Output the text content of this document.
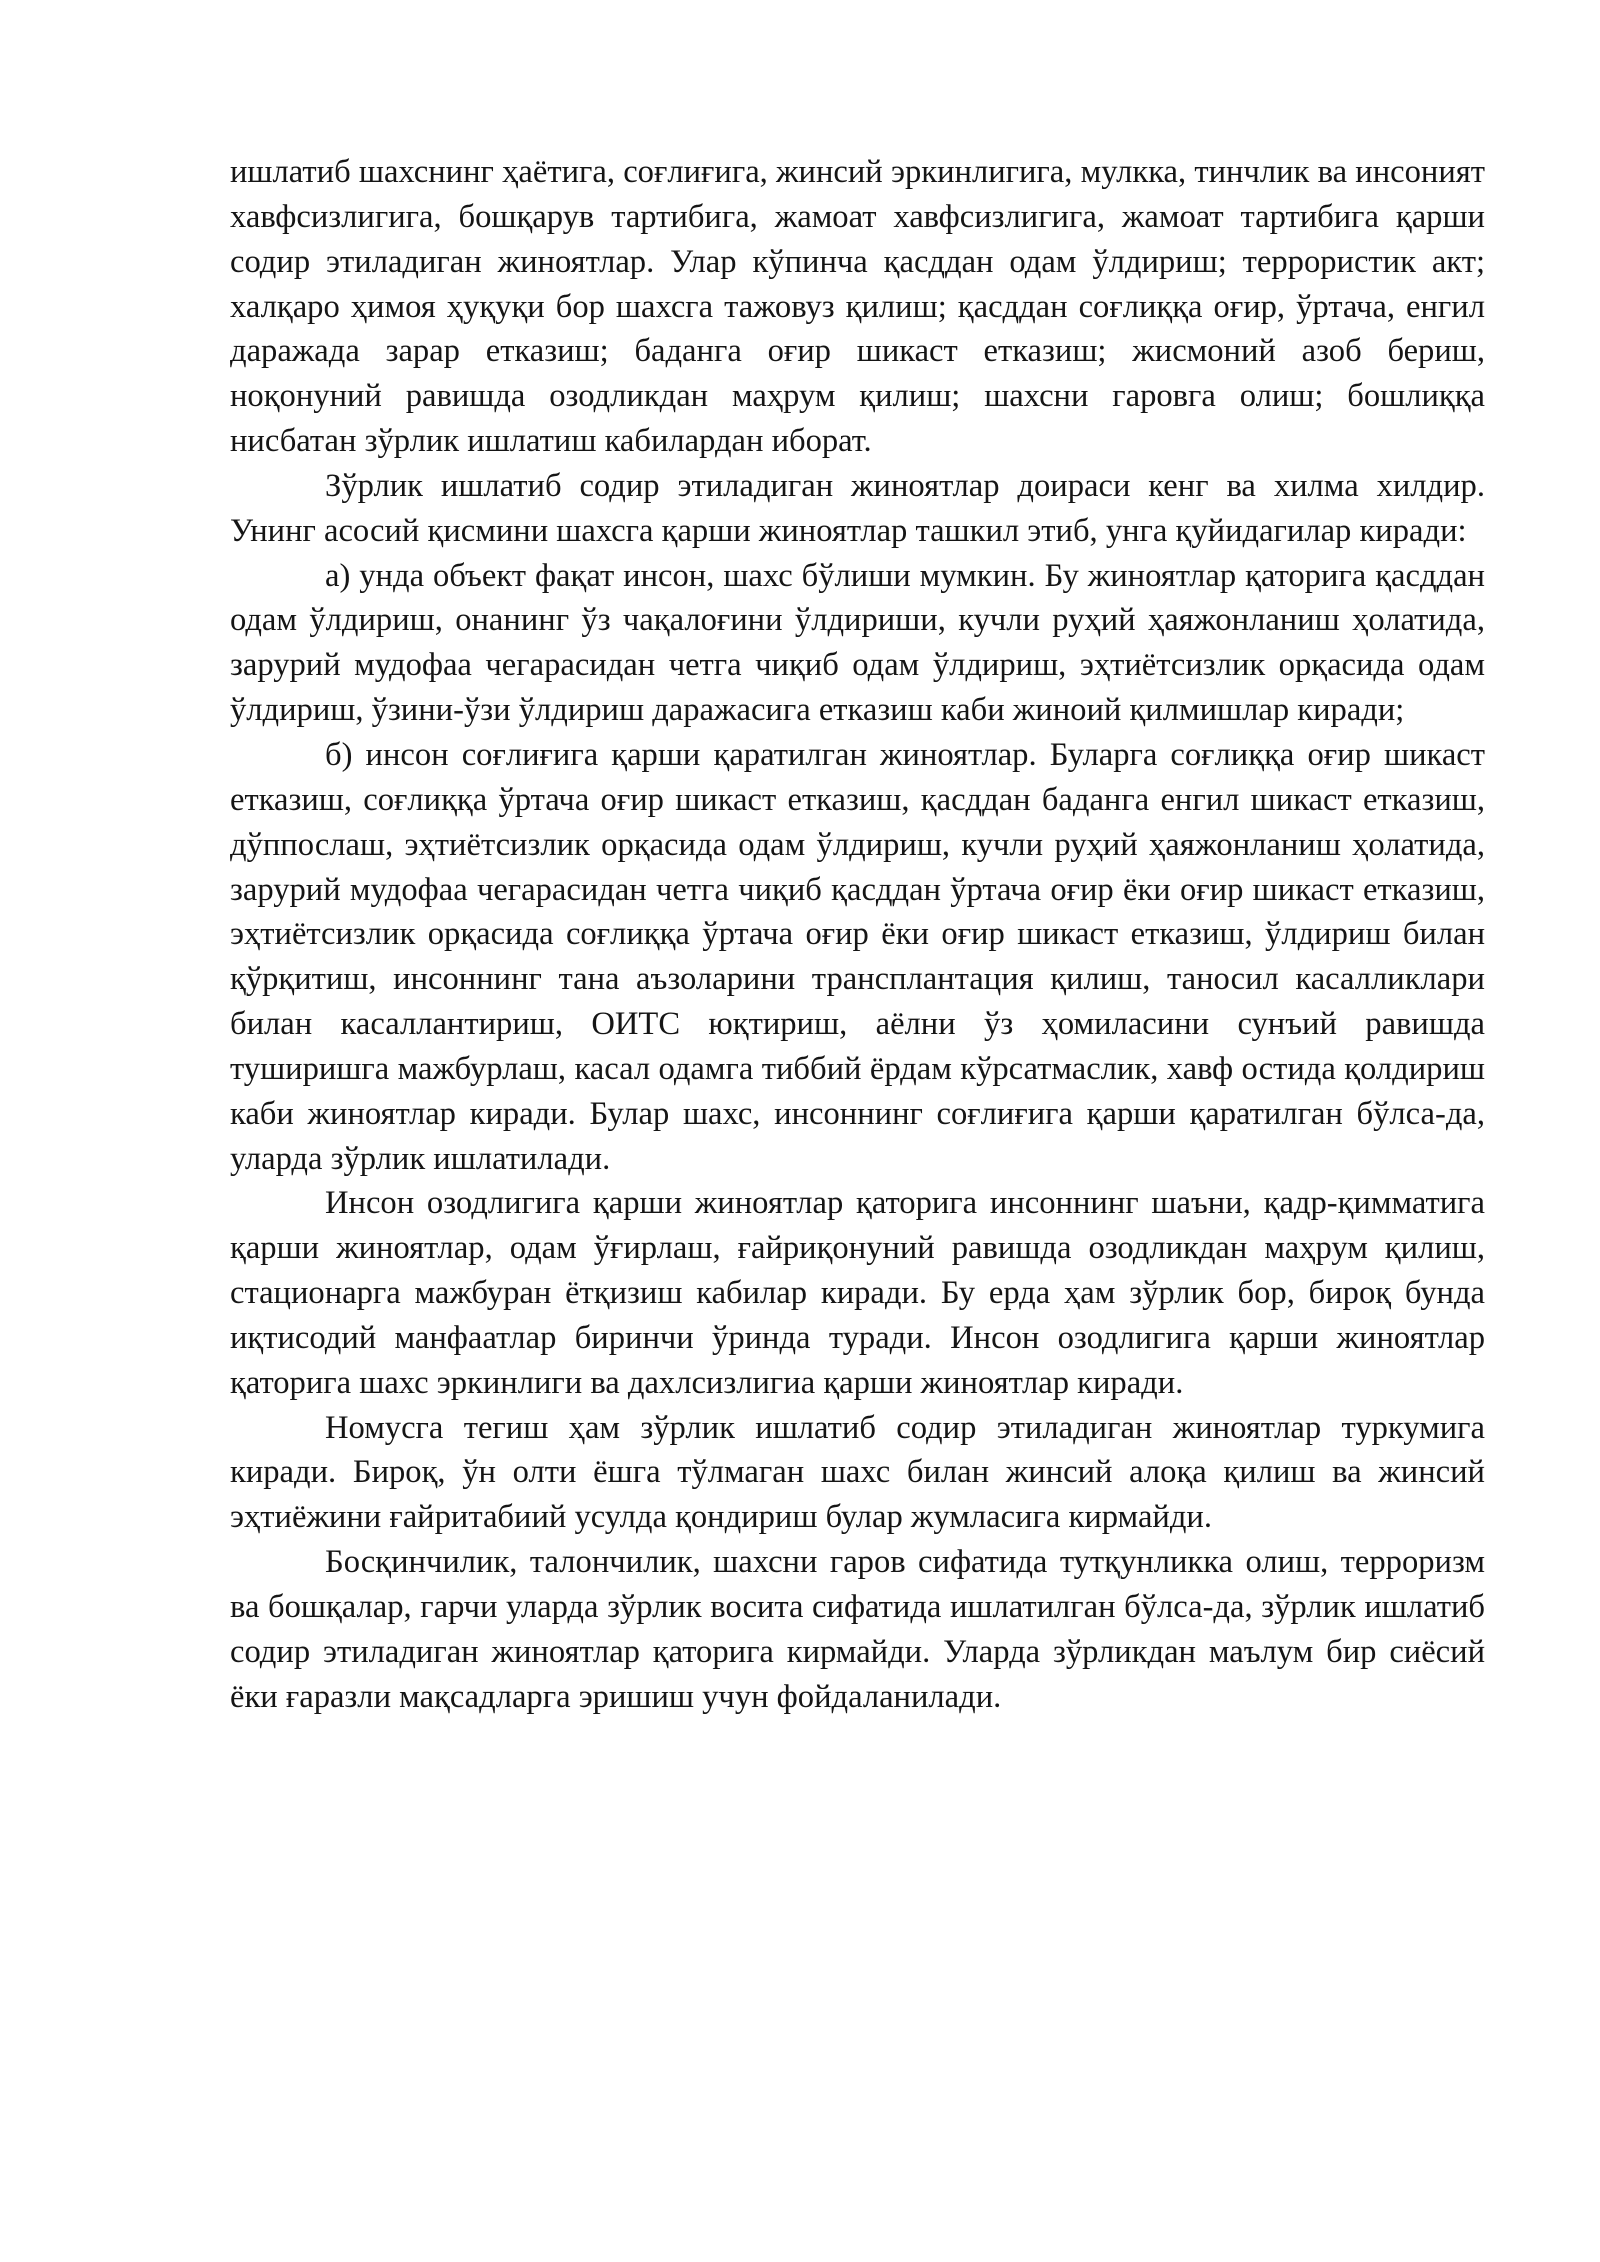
ишлатиб шахснинг ҳаётига, соғлиғига, жинсий эркинлигига, мулкка, тинчлик ва инсоният хавфсизлигига, бошқарув тартибига, жамоат хавфсизлигига, жамоат тартибига қарши содир этиладиган жиноятлар. Улар кўпинча қасддан одам ўлдириш; террористик акт; халқаро ҳимоя ҳуқуқи бор шахсга тажовуз қилиш; қасддан соғлиққа оғир, ўртача, енгил даражада зарар етказиш; баданга оғир шикаст етказиш; жисмоний азоб бериш, ноқонуний равишда озодликдан маҳрум қилиш; шахсни гаровга олиш; бошлиққа нисбатан зўрлик ишлатиш кабилардан иборат.

Зўрлик ишлатиб содир этиладиган жиноятлар доираси кенг ва хилма хилдир. Унинг асосий қисмини шахсга қарши жиноятлар ташкил этиб, унга қуйидагилар киради:

а) унда объект фақат инсон, шахс бўлиши мумкин. Бу жиноятлар қаторига қасддан одам ўлдириш, онанинг ўз чақалоғини ўлдириши, кучли руҳий ҳаяжонланиш ҳолатида, зарурий мудофаа чегарасидан четга чиқиб одам ўлдириш, эҳтиётсизлик орқасида одам ўлдириш, ўзини-ўзи ўлдириш даражасига етказиш каби жиноий қилмишлар киради;

б) инсон соғлиғига қарши қаратилган жиноятлар. Буларга соғлиққа оғир шикаст етказиш, соғлиққа ўртача оғир шикаст етказиш, қасддан баданга енгил шикаст етказиш, дўппослаш, эҳтиётсизлик орқасида одам ўлдириш, кучли руҳий ҳаяжонланиш ҳолатида, зарурий мудофаа чегарасидан четга чиқиб қасддан ўртача оғир ёки оғир шикаст етказиш, эҳтиётсизлик орқасида соғлиққа ўртача оғир ёки оғир шикаст етказиш, ўлдириш билан қўрқитиш, инсоннинг тана аъзоларини трансплантация қилиш, таносил касалликлари билан касаллантириш, ОИТС юқтириш, аёлни ўз ҳомиласини сунъий равишда туширишга мажбурлаш, касал одамга тиббий ёрдам кўрсатмаслик, хавф остида қолдириш каби жиноятлар киради. Булар шахс, инсоннинг соғлиғига қарши қаратилган бўлса-да, уларда зўрлик ишлатилади.

Инсон озодлигига қарши жиноятлар қаторига инсоннинг шаъни, қадр-қимматига қарши жиноятлар, одам ўғирлаш, ғайриқонуний равишда озодликдан маҳрум қилиш, стационарга мажбуран ётқизиш кабилар киради. Бу ерда ҳам зўрлик бор, бироқ бунда иқтисодий манфаатлар биринчи ўринда туради. Инсон озодлигига қарши жиноятлар қаторига шахс эркинлиги ва дахлсизлигиа қарши жиноятлар киради.

Номусга тегиш ҳам зўрлик ишлатиб содир этиладиган жиноятлар туркумига киради. Бироқ, ўн олти ёшга тўлмаган шахс билан жинсий алоқа қилиш ва жинсий эҳтиёжини ғайритабиий усулда қондириш булар жумласига кирмайди.

Босқинчилик, талончилик, шахсни гаров сифатида тутқунликка олиш, терроризм ва бошқалар, гарчи уларда зўрлик восита сифатида ишлатилган бўлса-да, зўрлик ишлатиб содир этиладиган жиноятлар қаторига кирмайди. Уларда зўрликдан маълум бир сиёсий ёки ғаразли мақсадларга эришиш учун фойдаланилади.
